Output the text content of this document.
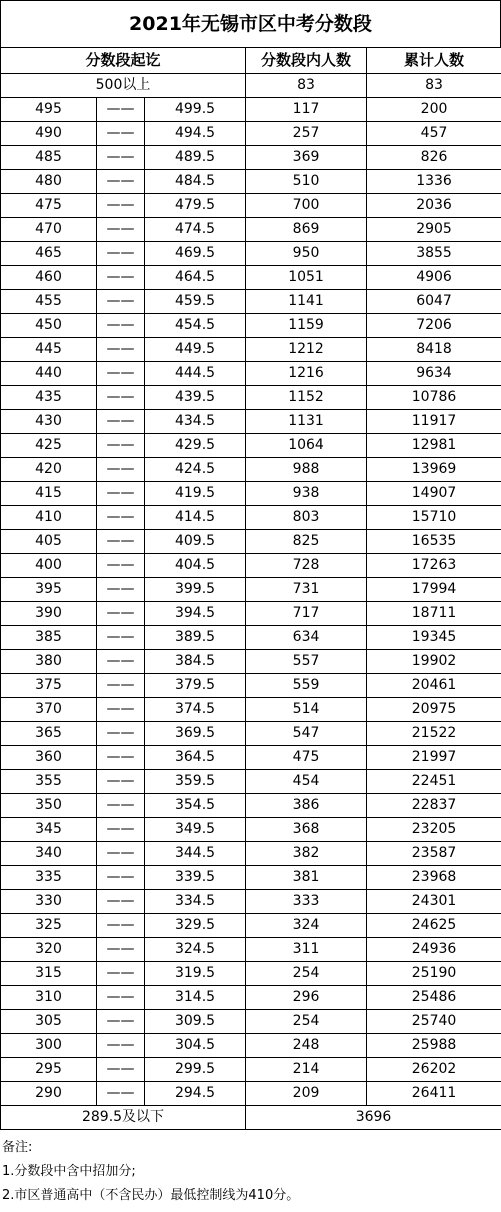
2021年无锡市区中考分数段
分数段起讫			分数段内人数	累计人数
500以上			83	83
495	——	499.5	117	200
490	——	494.5	257	457
485	——	489.5	369	826
480	——	484.5	510	1336
475	——	479.5	700	2036
470	——	474.5	869	2905
465	——	469.5	950	3855
460	——	464.5	1051	4906
455	——	459.5	1141	6047
450	——	454.5	1159	7206
445	——	449.5	1212	8418
440	——	444.5	1216	9634
435	——	439.5	1152	10786
430	——	434.5	1131	11917
425	——	429.5	1064	12981
420	——	424.5	988	13969
415	——	419.5	938	14907
410	——	414.5	803	15710
405	——	409.5	825	16535
400	——	404.5	728	17263
395	——	399.5	731	17994
390	——	394.5	717	18711
385	——	389.5	634	19345
380	——	384.5	557	19902
375	——	379.5	559	20461
370	——	374.5	514	20975
365	——	369.5	547	21522
360	——	364.5	475	21997
355	——	359.5	454	22451
350	——	354.5	386	22837
345	——	349.5	368	23205
340	——	344.5	382	23587
335	——	339.5	381	23968
330	——	334.5	333	24301
325	——	329.5	324	24625
320	——	324.5	311	24936
315	——	319.5	254	25190
310	——	314.5	296	25486
305	——	309.5	254	25740
300	——	304.5	248	25988
295	——	299.5	214	26202
290	——	294.5	209	26411
289.5及以下			3696	
备注:
1.分数段中含中招加分;
2.市区普通高中（不含民办）最低控制线为410分。
